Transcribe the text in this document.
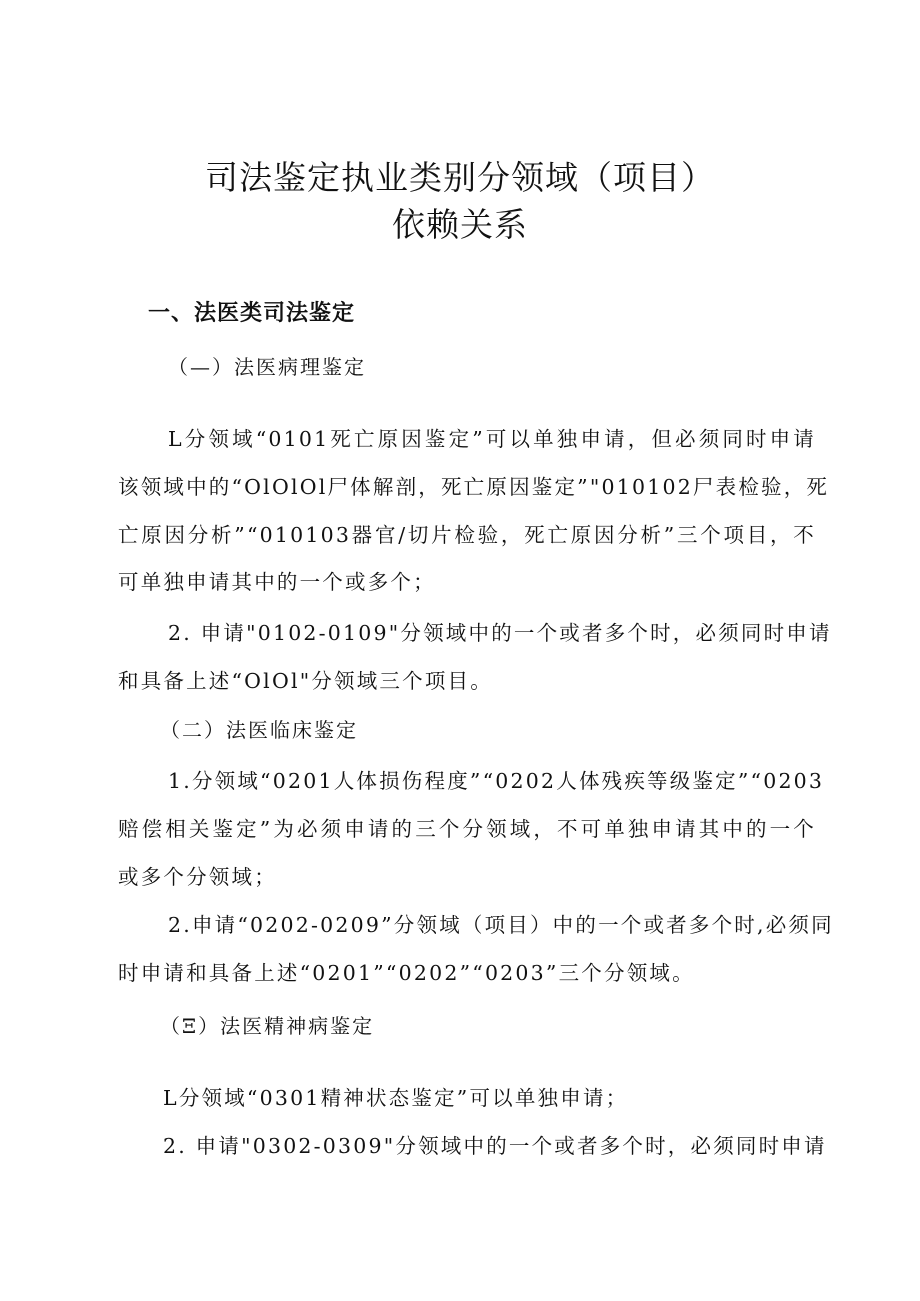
司法鉴定执业类别分领域（项目）
依赖关系
一、法医类司法鉴定
（—）法医病理鉴定
L分领域“0101死亡原因鉴定”可以单独申请，但必须同时申请
该领域中的“OlOlOl尸体解剖，死亡原因鉴定”"010102尸表检验，死
亡原因分析”“010103器官/切片检验，死亡原因分析”三个项目，不
可单独申请其中的一个或多个；
2. 申请"0102-0109"分领域中的一个或者多个时，必须同时申请
和具备上述“OlOl"分领域三个项目。
（二）法医临床鉴定
1.分领域“0201人体损伤程度”“0202人体残疾等级鉴定”“0203
赔偿相关鉴定”为必须申请的三个分领域，不可单独申请其中的一个
或多个分领域；
2.申请“0202-0209”分领域（项目）中的一个或者多个时,必须同
时申请和具备上述“0201”“0202”“0203”三个分领域。
（Ξ）法医精神病鉴定
L分领域“0301精神状态鉴定”可以单独申请；
2. 申请"0302-0309"分领域中的一个或者多个时，必须同时申请
